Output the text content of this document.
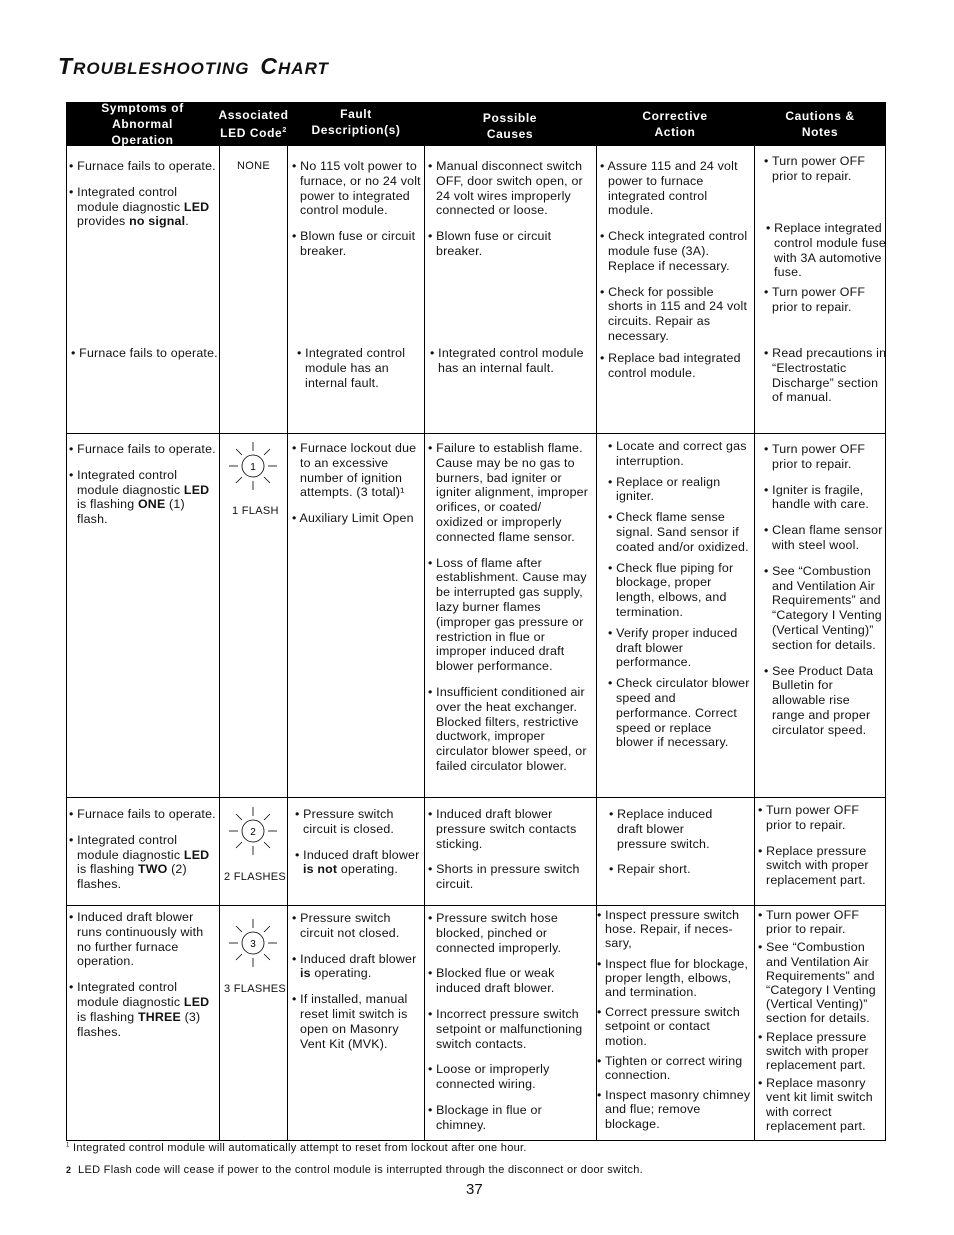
TROUBLESHOOTING CHART
Symptoms of Abnormal Operation
Associated
LED Code$^2$
Fault Description(s)
Possible Causes
Corrective Action
Cautions & Notes
• Furnace fails to operate.
• Integrated control module diagnostic LED provides no signal.
• Furnace fails to operate.
NONE • No 115 volt power to furnace, or no 24 volt power to integrated control module.
• Blown fuse or circuit breaker.
• Integrated control module has an internal fault.
• Manual disconnect switch OFF, door switch open, or 24 volt wires improperly connected or loose.
• Blown fuse or circuit breaker.
• Integrated control module has an internal fault.
• Assure 115 and 24 volt power to furnace integrated control module.
• Check integrated control module fuse (3A). Replace if necessary.
• Check for possible shorts in 115 and 24 volt circuits. Repair as necessary.
• Replace bad integrated control module.
• Turn power OFF prior to repair.
• Replace integrated control module fuse with 3A automotive fuse.
• Turn power OFF prior to repair.
• Read precautions in “Electrostatic Discharge” section of manual.
• Furnace fails to operate.
• Integrated control module diagnostic LED is flashing ONE (1) flash.
1
1 FLASH
• Furnace lockout due to an excessive number of ignition attempts. (3 total)¹
• Auxiliary Limit Open
• Failure to establish flame. Cause may be no gas to burners, bad igniter or igniter alignment, improper orifices, or coated/ oxidized or improperly connected flame sensor.
• Loss of flame after establishment. Cause may be interrupted gas supply, lazy burner flames (improper gas pressure or restriction in flue or improper induced draft blower performance.
• Insufficient conditioned air over the heat exchanger. Blocked filters, restrictive ductwork, improper circulator blower speed, or failed circulator blower.
• Locate and correct gas interruption.
• Replace or realign igniter.
• Check flame sense signal. Sand sensor if coated and/or oxidized.
• Check flue piping for blockage, proper length, elbows, and termination.
• Verify proper induced draft blower performance.
• Check circulator blower speed and performance. Correct speed or replace blower if necessary.
• Turn power OFF prior to repair.
• Igniter is fragile, handle with care.
• Clean flame sensor with steel wool.
• See “Combustion and Ventilation Air Requirements” and “Category I Venting (Vertical Venting)” section for details.
• See Product Data Bulletin for allowable rise range and proper circulator speed.
• Furnace fails to operate.
• Integrated control module diagnostic LED is flashing TWO (2) flashes.
2
2 FLASHES
• Pressure switch circuit is closed.
• Induced draft blower is not operating.
• Induced draft blower pressure switch contacts sticking.
• Shorts in pressure switch circuit.
• Replace induced draft blower pressure switch.
• Repair short.
• Turn power OFF prior to repair.
• Replace pressure switch with proper replacement part.
• Induced draft blower runs continuously with no further furnace operation.
• Integrated control module diagnostic LED is flashing THREE (3) flashes.
3
3 FLASHES
• Pressure switch circuit not closed.
• Induced draft blower is operating.
• If installed, manual reset limit switch is open on Masonry Vent Kit (MVK).
• Pressure switch hose blocked, pinched or connected improperly.
• Blocked flue or weak induced draft blower.
• Incorrect pressure switch setpoint or malfunctioning switch contacts.
• Loose or improperly connected wiring.
• Blockage in flue or chimney.
• Inspect pressure switch hose. Repair, if neces-sary,
• Inspect flue for blockage, proper length, elbows, and termination.
• Correct pressure switch setpoint or contact motion.
• Tighten or correct wiring connection.
• Inspect masonry chimney and flue; remove blockage.
• Turn power OFF prior to repair.
• See “Combustion and Ventilation Air Requirements” and “Category I Venting (Vertical Venting)” section for details.
• Replace pressure switch with proper replacement part.
• Replace masonry vent kit limit switch with correct replacement part.
$^1$ Integrated control module will automatically attempt to reset from lockout after one hour.
2 LED Flash code will cease if power to the control module is interrupted through the disconnect or door switch.
37
